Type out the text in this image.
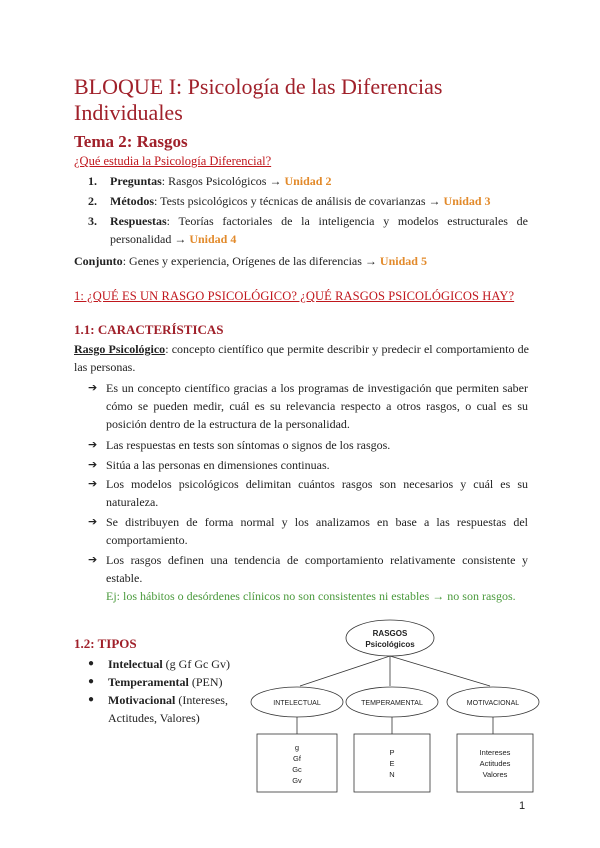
BLOQUE I: Psicología de las Diferencias Individuales
Tema 2: Rasgos
¿Qué estudia la Psicología Diferencial?
1. Preguntas: Rasgos Psicológicos → Unidad 2
2. Métodos: Tests psicológicos y técnicas de análisis de covarianzas → Unidad 3
3. Respuestas: Teorías factoriales de la inteligencia y modelos estructurales de personalidad → Unidad 4
Conjunto: Genes y experiencia, Orígenes de las diferencias → Unidad 5
1: ¿QUÉ ES UN RASGO PSICOLÓGICO? ¿QUÉ RASGOS PSICOLÓGICOS HAY?
1.1: CARACTERÍSTICAS
Rasgo Psicológico: concepto científico que permite describir y predecir el comportamiento de las personas.
➔ Es un concepto científico gracias a los programas de investigación que permiten saber cómo se pueden medir, cuál es su relevancia respecto a otros rasgos, o cual es su posición dentro de la estructura de la personalidad.
➔ Las respuestas en tests son síntomas o signos de los rasgos.
➔ Sitúa a las personas en dimensiones continuas.
➔ Los modelos psicológicos delimitan cuántos rasgos son necesarios y cuál es su naturaleza.
➔ Se distribuyen de forma normal y los analizamos en base a las respuestas del comportamiento.
➔ Los rasgos definen una tendencia de comportamiento relativamente consistente y estable.
Ej: los hábitos o desórdenes clínicos no son consistentes ni estables → no son rasgos.
1.2: TIPOS
● Intelectual (g Gf Gc Gv)
● Temperamental (PEN)
● Motivacional (Intereses, Actitudes, Valores)
RASGOS
Psicológicos
INTELECTUAL	TEMPERAMENTAL	MOTIVACIONAL
g
Gf
Gc
Gv
P
E
N
Intereses
Actitudes
Valores
1
